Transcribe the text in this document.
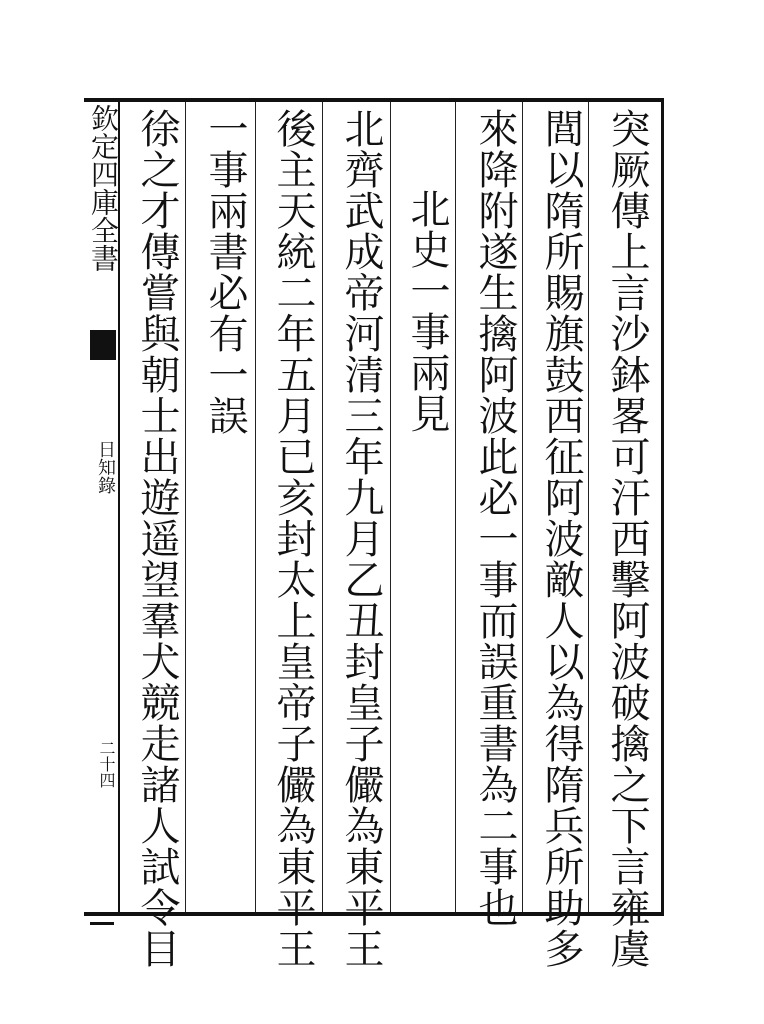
欽定四庫全書
日知錄
二十四	突厥傳上言沙鉢畧可汗西擊阿波破擒之下言雍虞
閭以隋所賜旗鼓西征阿波敵人以為得隋兵所助多
來降附遂生擒阿波此必一事而誤重書為二事也
北史一事兩見
北齊武成帝河清三年九月乙丑封皇子儼為東平王
後主天統二年五月已亥封太上皇帝子儼為東平王
一事兩書必有一誤
徐之才傳嘗與朝士出遊遥望羣犬競走諸人試令目
